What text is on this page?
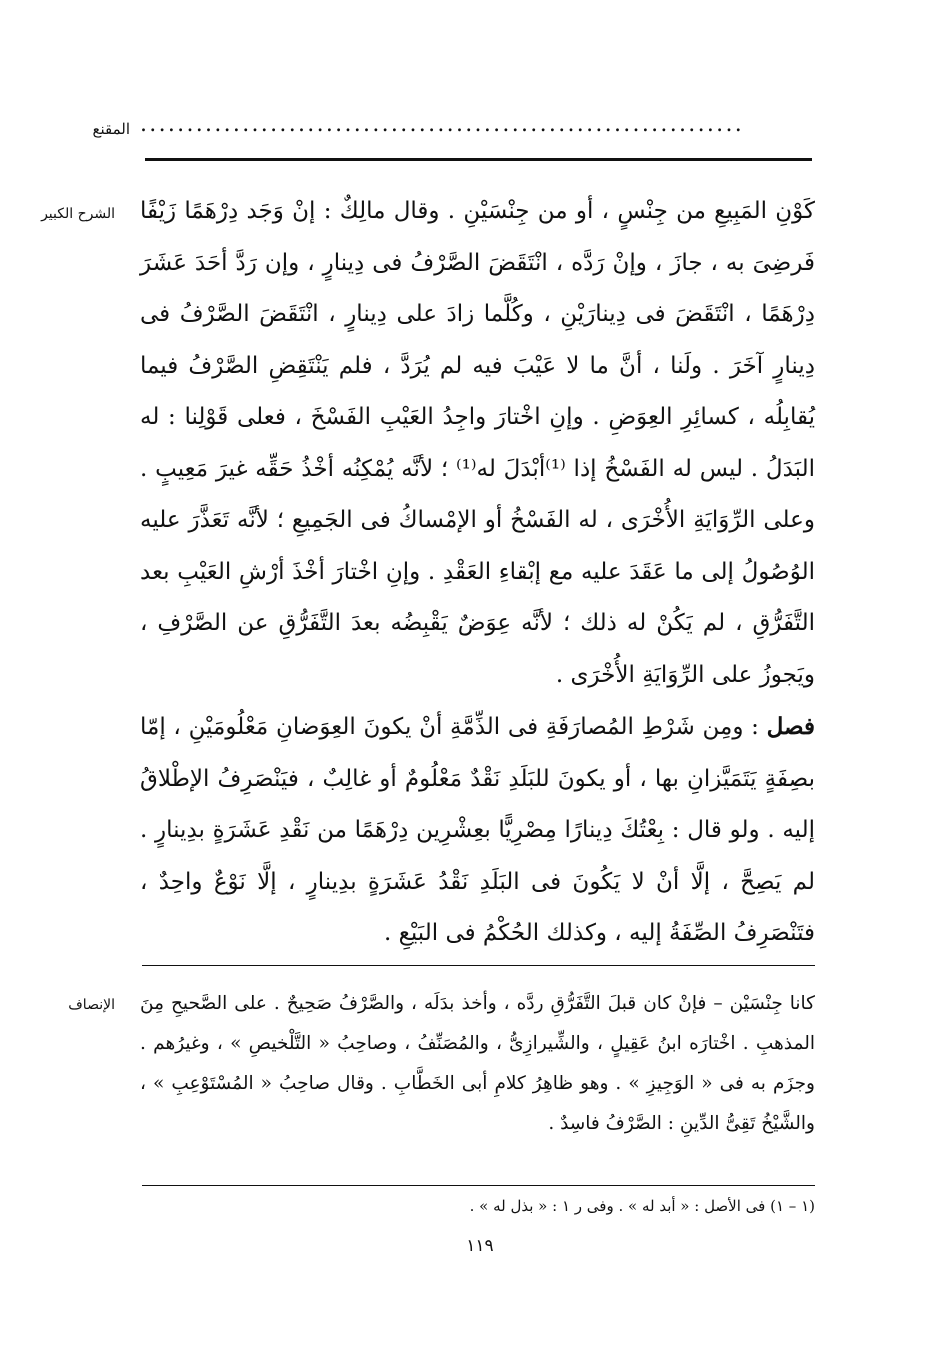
المقنع .................................................................
الشرح الكبير كَوْنِ المَبِيعِ من جِنْسٍ ، أو من جِنْسَيْنِ . وقال مالِكٌ : إنْ وَجَد دِرْهَمًا زَيْفًا فَرضِىَ به ، جازَ ، وإنْ رَدَّه ، انْتَقَضَ الصَّرْفُ فى دِينارٍ ، وإن رَدَّ أحَدَ عَشَرَ دِرْهَمًا ، انْتَقَضَ فى دِينارَيْنِ ، وكُلَّما زادَ على دِينارٍ ، انْتَقَضَ الصَّرْفُ فى دِينارٍ آخَرَ . ولَنا ، أنَّ ما لا عَيْبَ فيه لم يُرَدَّ ، فلم يَنْتَقِضِ الصَّرْفُ فيما يُقابِلُه ، كسائِرِ العِوَضِ . وإنِ اخْتارَ واجِدُ العَيْبِ الفَسْخَ ، فعلى قَوْلِنا : له البَدَلُ . ليس له الفَسْخُ إذا ⁽¹⁾أبْدَلَ له⁽¹⁾ ؛ لأنَّه يُمْكِنُه أخْذُ حَقِّه غيرَ مَعِيبٍ . وعلى الرِّوَايَةِ الأُخْرَى ، له الفَسْخُ أو الإمْساكُ فى الجَمِيعِ ؛ لأنَّه تَعَذَّرَ عليه الوُصُولُ إلى ما عَقَدَ عليه مع إبْقاءِ العَقْدِ . وإنِ اخْتارَ أخْذَ أرْشِ العَيْبِ بعد التَّفَرُّقِ ، لم يَكُنْ له ذلك ؛ لأنَّه عِوَضٌ يَقْبِضُه بعدَ التَّفَرُّقِ عن الصَّرْفِ ، ويَجوزُ على الرِّوَايَةِ الأُخْرَى .

فصل : ومِن شَرْطِ المُصارَفَةِ فى الذِّمَّةِ أنْ يكونَ العِوَضانِ مَعْلُومَيْنِ ، إمّا بصِفَةٍ يَتَمَيَّزانِ بها ، أو يكونَ للبَلَدِ نَقْدٌ مَعْلُومٌ أو غالِبٌ ، فيَنْصَرِفُ الإطْلاقُ إليه . ولو قال : بِعْتُكَ دِينارًا مِصْرِيًّا بعِشْرِين دِرْهَمًا من نَقْدِ عَشَرَةٍ بدِينارٍ . لم يَصِحَّ ، إلَّا أنْ لا يَكُونَ فى البَلَدِ نَقْدُ عَشَرَةٍ بدِينارٍ ، إلَّا نَوْعٌ واحِدٌ ، فتَنْصَرِفُ الصِّفَةُ إليه ، وكذلك الحُكْمُ فى البَيْعِ .

الإنصاف كانا جِنْسَيْن – فإنْ كان قبلَ التَّفَرُّقِ ردَّه ، وأخذ بدَلَه ، والصَّرْفُ صَحِيحٌ . على الصَّحيحِ مِنَ المذهبِ . اخْتارَه ابنُ عَقِيلٍ ، والشِّيرازِىُّ ، والمُصَنِّفُ ، وصاحِبُ « التَّلْخيصِ » ، وغيرُهم . وجزَم به فى « الوَجِيزِ » . وهو ظاهِرُ كلامِ أبى الخَطَّابِ . وقال صاحِبُ « المُسْتَوْعِبِ » ، والشَّيْخُ تَقِىُّ الدِّينِ : الصَّرْفُ فاسِدٌ .

(١ – ١) فى الأصل : « أبد له » . وفى ر ١ : « بذل له » .
١١٩
